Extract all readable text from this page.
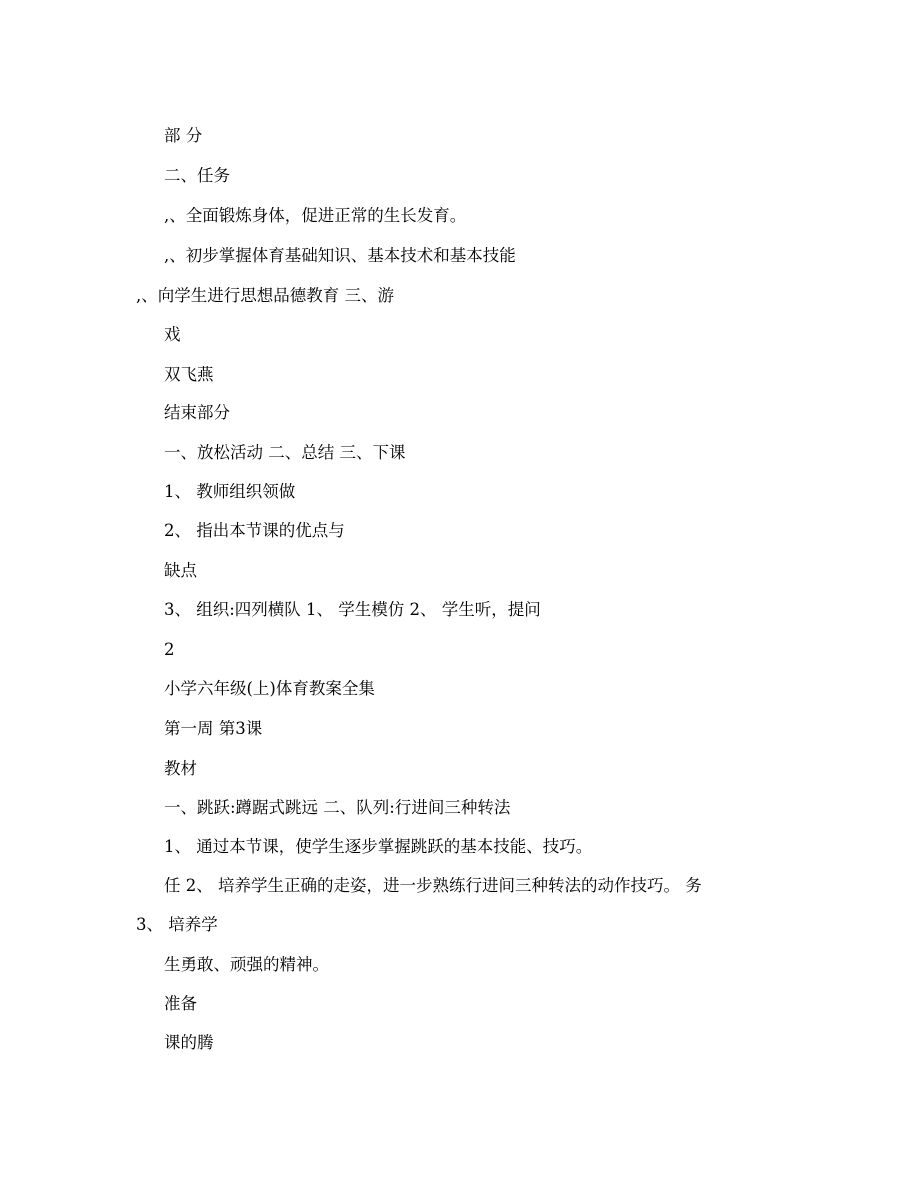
部 分
二、任务
,、全面锻炼身体，促进正常的生长发育。
,、初步掌握体育基础知识、基本技术和基本技能
,、向学生进行思想品德教育 三、游
戏
双飞燕
结束部分
一、放松活动 二、总结 三、下课
1、 教师组织领做
2、 指出本节课的优点与
缺点
3、 组织:四列横队 1、 学生模仿 2、 学生听，提问
2
小学六年级(上)体育教案全集
第一周 第3课
教材
一、跳跃:蹲踞式跳远 二、队列:行进间三种转法
1、 通过本节课，使学生逐步掌握跳跃的基本技能、技巧。
任 2、 培养学生正确的走姿，进一步熟练行进间三种转法的动作技巧。 务
3、 培养学
生勇敢、顽强的精神。
准备
课的腾
